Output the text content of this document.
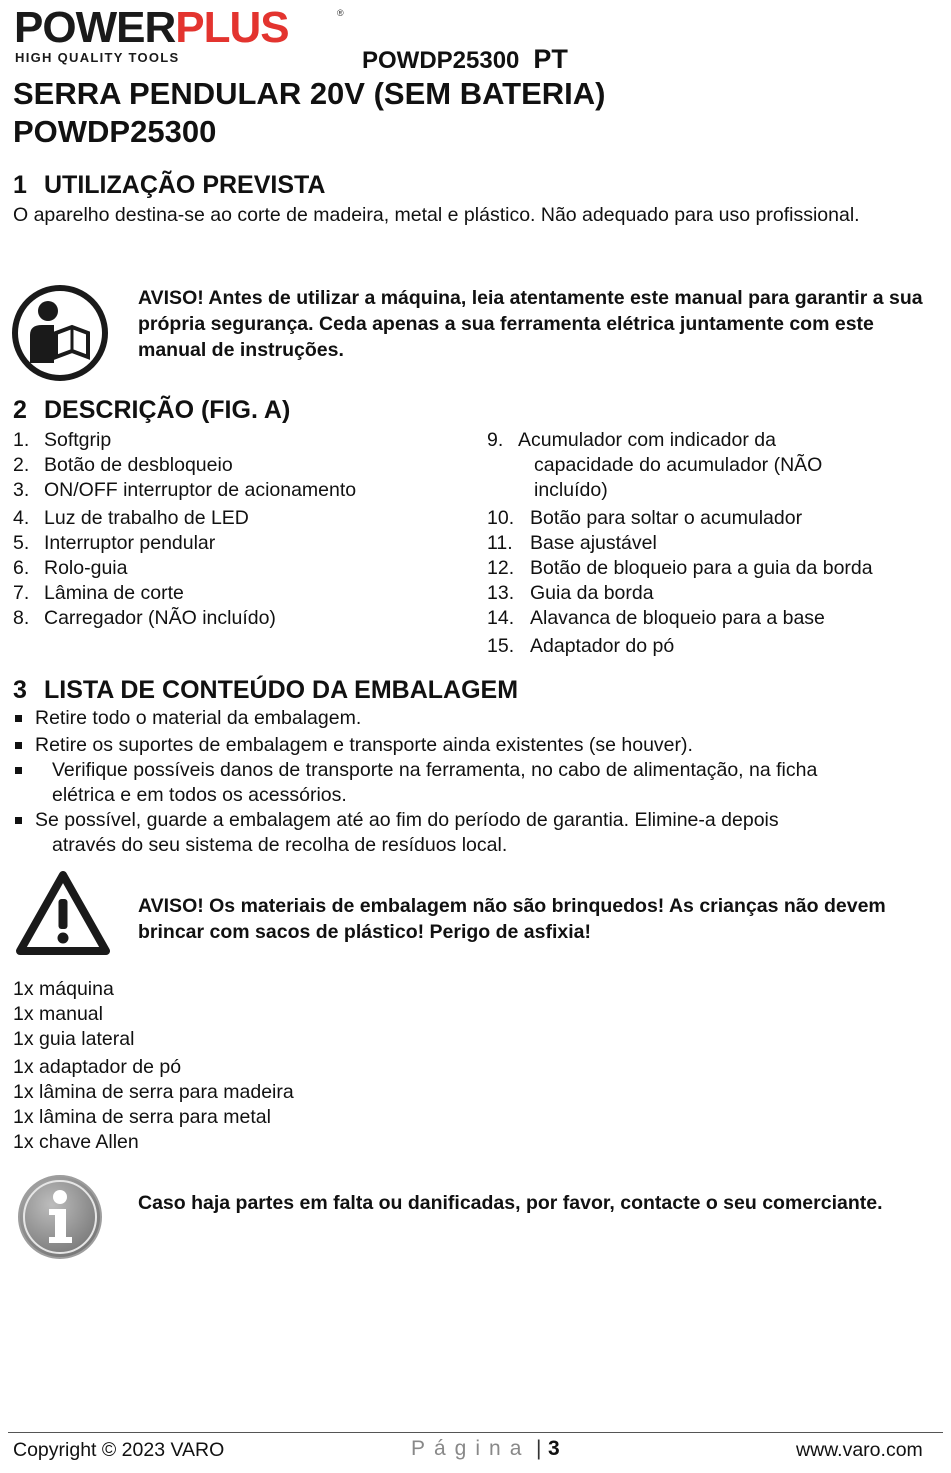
POWERPLUS	®
HIGH QUALITY TOOLS	POWDP25300 PT
SERRA PENDULAR 20V (SEM BATERIA)
POWDP25300
1 UTILIZAÇÃO PREVISTA
O aparelho destina-se ao corte de madeira, metal e plástico. Não adequado para uso profissional.
AVISO! Antes de utilizar a máquina, leia atentamente este manual para garantir a sua própria segurança. Ceda apenas a sua ferramenta elétrica juntamente com este manual de instruções.
2 DESCRIÇÃO (FIG. A)
1. Softgrip
2. Botão de desbloqueio
3. ON/OFF interruptor de acionamento
4. Luz de trabalho de LED
5. Interruptor pendular
6. Rolo-guia
7. Lâmina de corte
8. Carregador (NÃO incluído)
9. Acumulador com indicador da
capacidade do acumulador (NÃO
incluído)
10. Botão para soltar o acumulador
11. Base ajustável
12. Botão de bloqueio para a guia da borda
13. Guia da borda
14. Alavanca de bloqueio para a base
15. Adaptador do pó
3 LISTA DE CONTEÚDO DA EMBALAGEM
Retire todo o material da embalagem.
Retire os suportes de embalagem e transporte ainda existentes (se houver).
Verifique possíveis danos de transporte na ferramenta, no cabo de alimentação, na ficha
elétrica e em todos os acessórios.
Se possível, guarde a embalagem até ao fim do período de garantia. Elimine-a depois
através do seu sistema de recolha de resíduos local.
AVISO! Os materiais de embalagem não são brinquedos! As crianças não devem brincar com sacos de plástico! Perigo de asfixia!
1x máquina
1x manual
1x guia lateral
1x adaptador de pó
1x lâmina de serra para madeira
1x lâmina de serra para metal
1x chave Allen
Caso haja partes em falta ou danificadas, por favor, contacte o seu comerciante.
Copyright © 2023 VARO	Página | 3	www.varo.com
